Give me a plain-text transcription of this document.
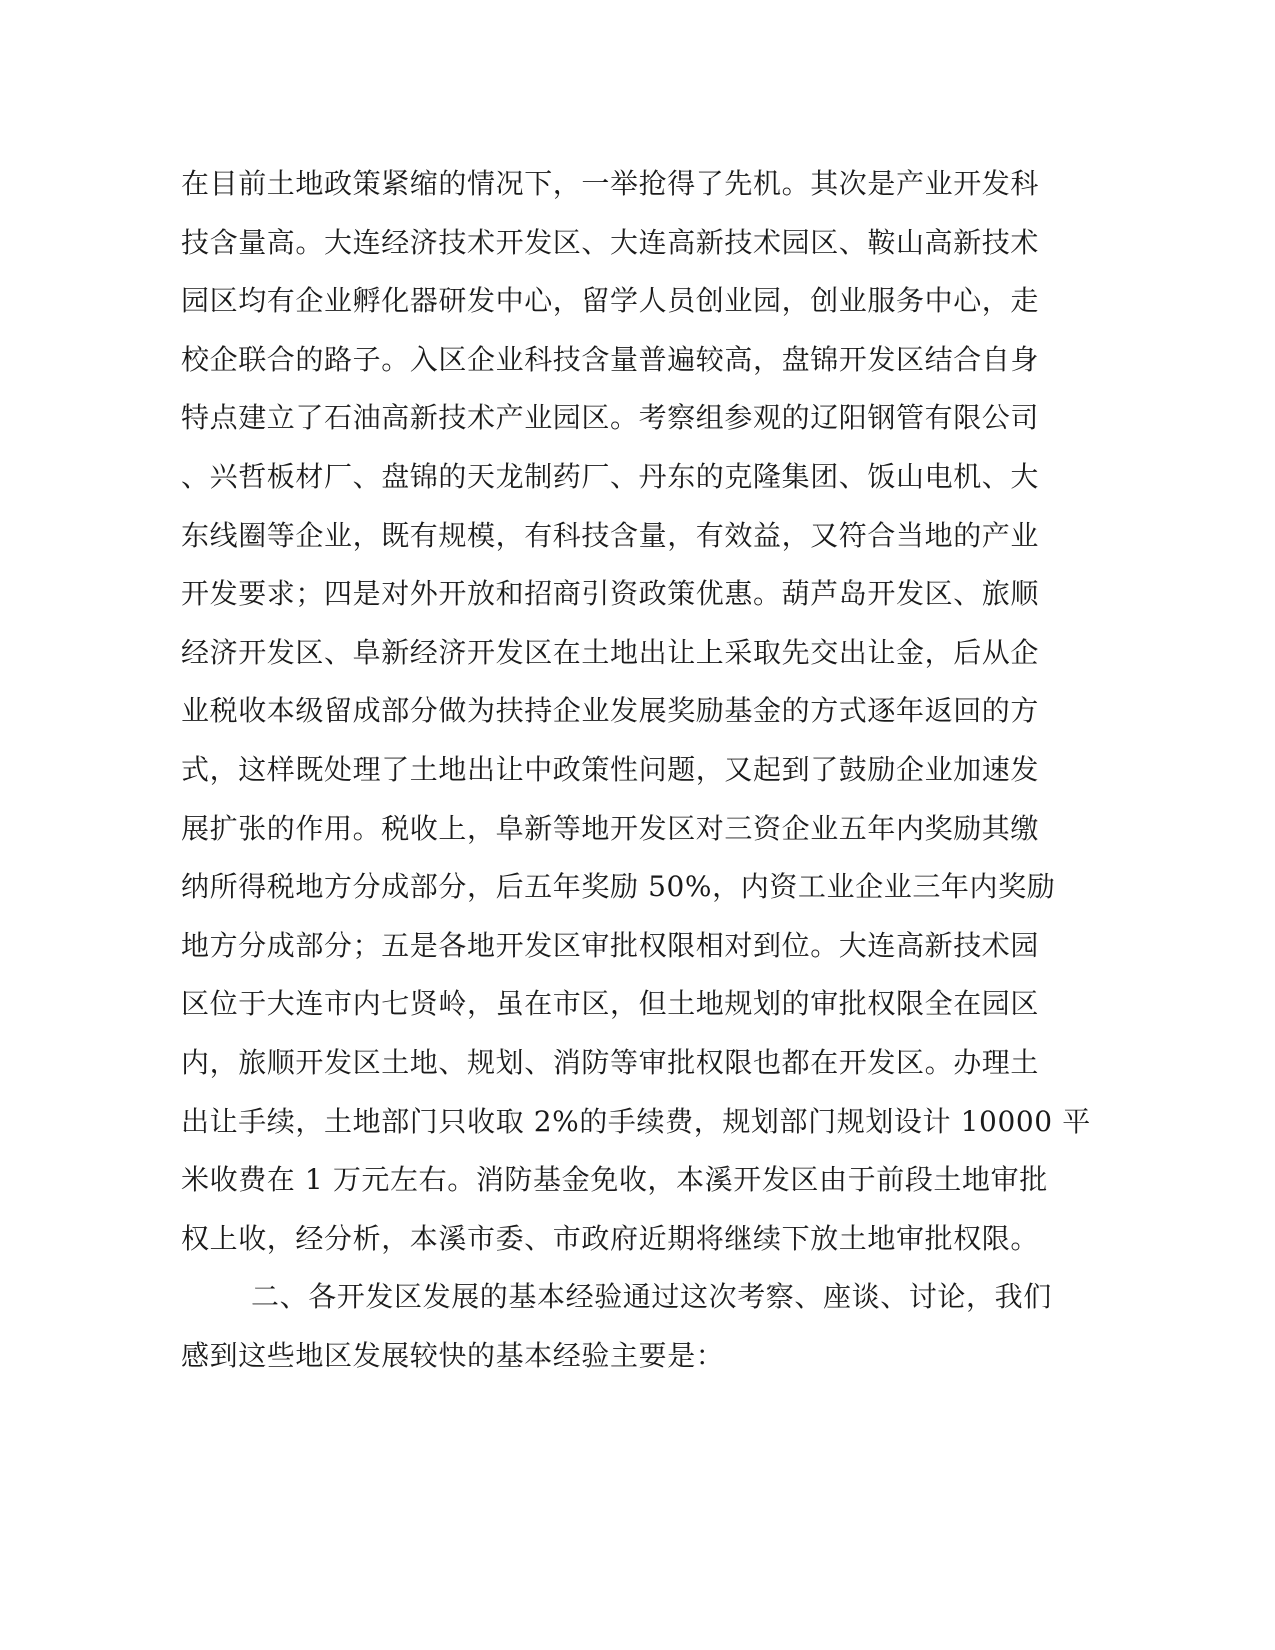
在目前土地政策紧缩的情况下，一举抢得了先机。其次是产业开发科
技含量高。大连经济技术开发区、大连高新技术园区、鞍山高新技术
园区均有企业孵化器研发中心，留学人员创业园，创业服务中心，走
校企联合的路子。入区企业科技含量普遍较高，盘锦开发区结合自身
特点建立了石油高新技术产业园区。考察组参观的辽阳钢管有限公司
、兴哲板材厂、盘锦的天龙制药厂、丹东的克隆集团、饭山电机、大
东线圈等企业，既有规模，有科技含量，有效益，又符合当地的产业
开发要求；四是对外开放和招商引资政策优惠。葫芦岛开发区、旅顺
经济开发区、阜新经济开发区在土地出让上采取先交出让金，后从企
业税收本级留成部分做为扶持企业发展奖励基金的方式逐年返回的方
式，这样既处理了土地出让中政策性问题，又起到了鼓励企业加速发
展扩张的作用。税收上，阜新等地开发区对三资企业五年内奖励其缴
纳所得税地方分成部分，后五年奖励 50%，内资工业企业三年内奖励
地方分成部分；五是各地开发区审批权限相对到位。大连高新技术园
区位于大连市内七贤岭，虽在市区，但土地规划的审批权限全在园区
内，旅顺开发区土地、规划、消防等审批权限也都在开发区。办理土
出让手续，土地部门只收取 2%的手续费，规划部门规划设计 10000 平
米收费在 1 万元左右。消防基金免收，本溪开发区由于前段土地审批
权上收，经分析，本溪市委、市政府近期将继续下放土地审批权限。
二、各开发区发展的基本经验通过这次考察、座谈、讨论，我们
感到这些地区发展较快的基本经验主要是：
